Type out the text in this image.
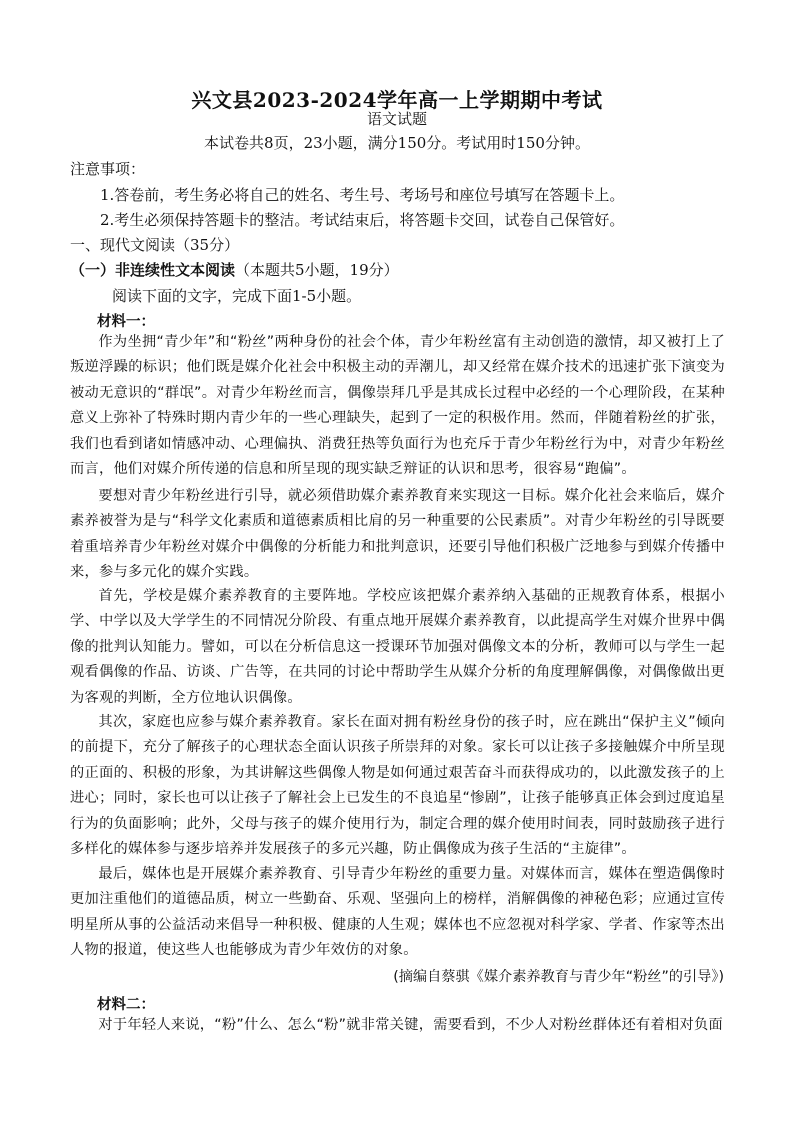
兴文县2023-2024学年高一上学期期中考试
语文试题
本试卷共8页，23小题，满分150分。考试用时150分钟。
注意事项：
1.答卷前，考生务必将自己的姓名、考生号、考场号和座位号填写在答题卡上。
2.考生必须保持答题卡的整洁。考试结束后，将答题卡交回，试卷自己保管好。
一、现代文阅读（35分）
（一）非连续性文本阅读（本题共5小题，19分）
阅读下面的文字，完成下面1-5小题。
材料一：
作为坐拥“青少年”和“粉丝”两种身份的社会个体，青少年粉丝富有主动创造的激情，却又被打上了叛逆浮躁的标识；他们既是媒介化社会中积极主动的弄潮儿，却又经常在媒介技术的迅速扩张下演变为被动无意识的“群氓”。对青少年粉丝而言，偶像崇拜几乎是其成长过程中必经的一个心理阶段，在某种意义上弥补了特殊时期内青少年的一些心理缺失，起到了一定的积极作用。然而，伴随着粉丝的扩张，我们也看到诸如情感冲动、心理偏执、消费狂热等负面行为也充斥于青少年粉丝行为中，对青少年粉丝而言，他们对媒介所传递的信息和所呈现的现实缺乏辩证的认识和思考，很容易“跑偏”。
要想对青少年粉丝进行引导，就必须借助媒介素养教育来实现这一目标。媒介化社会来临后，媒介素养被誉为是与“科学文化素质和道德素质相比肩的另一种重要的公民素质”。对青少年粉丝的引导既要着重培养青少年粉丝对媒介中偶像的分析能力和批判意识，还要引导他们积极广泛地参与到媒介传播中来，参与多元化的媒介实践。
首先，学校是媒介素养教育的主要阵地。学校应该把媒介素养纳入基础的正规教育体系，根据小学、中学以及大学学生的不同情况分阶段、有重点地开展媒介素养教育，以此提高学生对媒介世界中偶像的批判认知能力。譬如，可以在分析信息这一授课环节加强对偶像文本的分析，教师可以与学生一起观看偶像的作品、访谈、广告等，在共同的讨论中帮助学生从媒介分析的角度理解偶像，对偶像做出更为客观的判断，全方位地认识偶像。
其次，家庭也应参与媒介素养教育。家长在面对拥有粉丝身份的孩子时，应在跳出“保护主义”倾向的前提下，充分了解孩子的心理状态全面认识孩子所崇拜的对象。家长可以让孩子多接触媒介中所呈现的正面的、积极的形象，为其讲解这些偶像人物是如何通过艰苦奋斗而获得成功的，以此激发孩子的上进心；同时，家长也可以让孩子了解社会上已发生的不良追星“惨剧”，让孩子能够真正体会到过度追星行为的负面影响；此外，父母与孩子的媒介使用行为，制定合理的媒介使用时间表，同时鼓励孩子进行多样化的媒体参与逐步培养并发展孩子的多元兴趣，防止偶像成为孩子生活的“主旋律”。
最后，媒体也是开展媒介素养教育、引导青少年粉丝的重要力量。对媒体而言，媒体在塑造偶像时更加注重他们的道德品质，树立一些勤奋、乐观、坚强向上的榜样，消解偶像的神秘色彩；应通过宣传明星所从事的公益活动来倡导一种积极、健康的人生观；媒体也不应忽视对科学家、学者、作家等杰出人物的报道，使这些人也能够成为青少年效仿的对象。
(摘编自蔡骐《媒介素养教育与青少年“粉丝”的引导》)
材料二：
对于年轻人来说，“粉”什么、怎么“粉”就非常关键，需要看到，不少人对粉丝群体还有着相对负面
